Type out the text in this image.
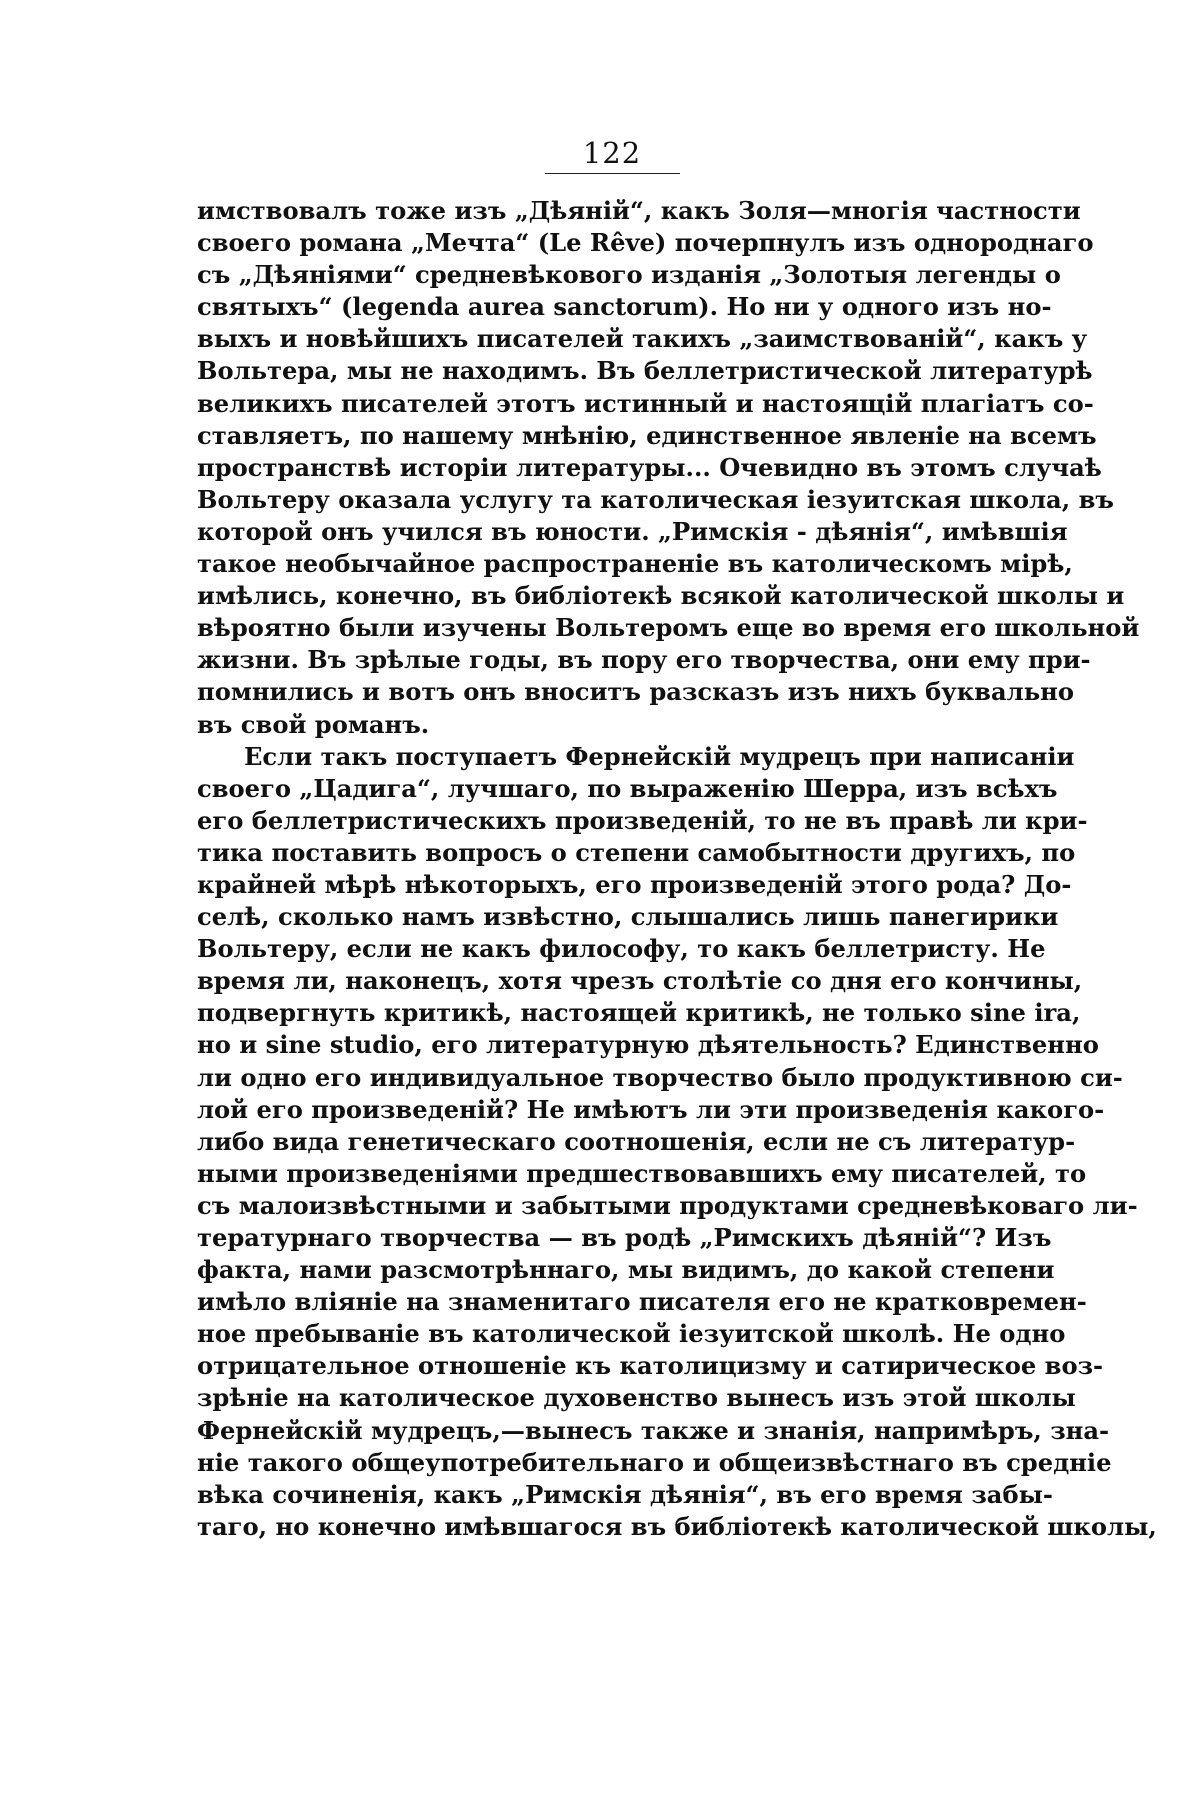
122
имствовалъ тоже изъ „Дѣяній“, какъ Золя—многія частности
своего романа „Мечта“ (Le Rêve) почерпнулъ изъ однороднаго
съ „Дѣяніями“ средневѣкового изданія „Золотыя легенды о
святыхъ“ (legenda aurea sanctorum). Но ни у одного изъ но-
выхъ и новѣйшихъ писателей такихъ „заимствованій“, какъ у
Вольтера, мы не находимъ. Въ беллетристической литературѣ
великихъ писателей этотъ истинный и настоящій плагіатъ со-
ставляетъ, по нашему мнѣнію, единственное явленіе на всемъ
пространствѣ исторіи литературы... Очевидно въ этомъ случаѣ
Вольтеру оказала услугу та католическая іезуитская школа, въ
которой онъ учился въ юности. „Римскія - дѣянія“, имѣвшія
такое необычайное распространеніе въ католическомъ мірѣ,
имѣлись, конечно, въ библіотекѣ всякой католической школы и
вѣроятно были изучены Вольтеромъ еще во время его школьной
жизни. Въ зрѣлые годы, въ пору его творчества, они ему при-
помнились и вотъ онъ вноситъ разсказъ изъ нихъ буквально
въ свой романъ.
Если такъ поступаетъ Фернейскій мудрецъ при написаніи
своего „Цадига“, лучшаго, по выраженію Шерра, изъ всѣхъ
его беллетристическихъ произведеній, то не въ правѣ ли кри-
тика поставить вопросъ о степени самобытности другихъ, по
крайней мѣрѣ нѣкоторыхъ, его произведеній этого рода? До-
селѣ, сколько намъ извѣстно, слышались лишь панегирики
Вольтеру, если не какъ философу, то какъ беллетристу. Не
время ли, наконецъ, хотя чрезъ столѣтіе со дня его кончины,
подвергнуть критикѣ, настоящей критикѣ, не только sine ira,
но и sine studio, его литературную дѣятельность? Единственно
ли одно его индивидуальное творчество было продуктивною си-
лой его произведеній? Не имѣютъ ли эти произведенія какого-
либо вида генетическаго соотношенія, если не съ литератур-
ными произведеніями предшествовавшихъ ему писателей, то
съ малоизвѣстными и забытыми продуктами средневѣковаго ли-
тературнаго творчества — въ родѣ „Римскихъ дѣяній“? Изъ
факта, нами разсмотрѣннаго, мы видимъ, до какой степени
имѣло вліяніе на знаменитаго писателя его не кратковремен-
ное пребываніе въ католической іезуитской школѣ. Не одно
отрицательное отношеніе къ католицизму и сатирическое воз-
зрѣніе на католическое духовенство вынесъ изъ этой школы
Фернейскій мудрецъ,—вынесъ также и знанія, напримѣръ, зна-
ніе такого общеупотребительнаго и общеизвѣстнаго въ средніе
вѣка сочиненія, какъ „Римскія дѣянія“, въ его время забы-
таго, но конечно имѣвшагося въ библіотекѣ католической школы,
